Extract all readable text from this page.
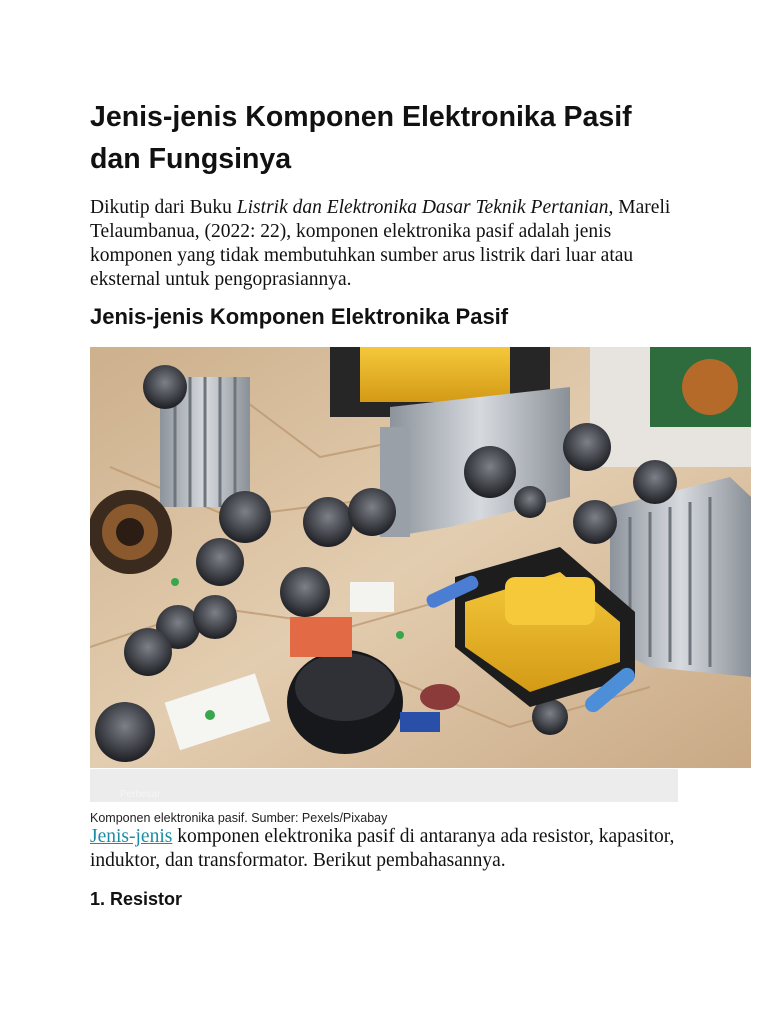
Jenis-jenis Komponen Elektronika Pasif dan Fungsinya

Dikutip dari Buku Listrik dan Elektronika Dasar Teknik Pertanian, Mareli Telaumbanua, (2022: 22), komponen elektronika pasif adalah jenis komponen yang tidak membutuhkan sumber arus listrik dari luar atau eksternal untuk pengoprasiannya.

Jenis-jenis Komponen Elektronika Pasif
Perbesar

Komponen elektronika pasif. Sumber: Pexels/Pixabay

Jenis-jenis komponen elektronika pasif di antaranya ada resistor, kapasitor, induktor, dan transformator. Berikut pembahasannya.

1. Resistor
